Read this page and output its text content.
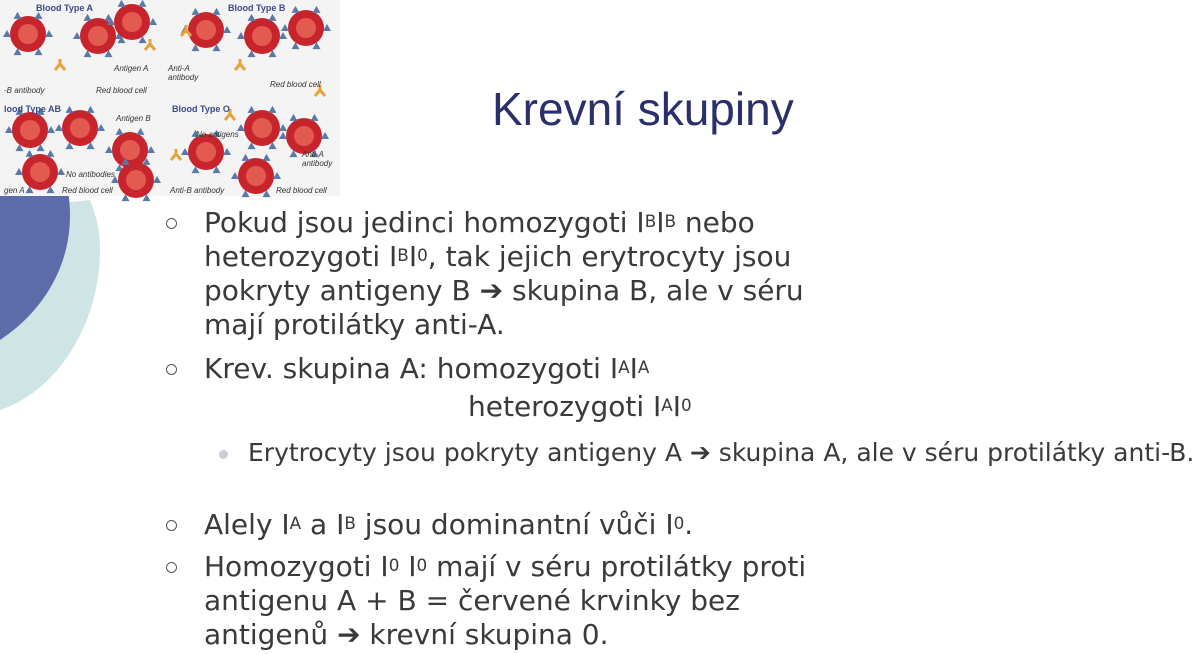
Blood Type A	Blood Type B
lood Type AB	Blood Type O
Antigen A
Red blood cell
-B antibody
Anti-A antibody
Red blood cell
Antigen B
No antibodies
No antigens
Anti-A antibody
Red blood cell
gen A	Anti-B antibody	Red blood cell
Krevní skupiny
Pokud jsou jedinci homozygoti $I^BI^B$ nebo
heterozygoti $I^BI^0$, tak jejich erytrocyty jsou
pokryty antigeny B ➔ skupina B, ale v séru
mají protilátky anti-A.
Krev. skupina A: homozygoti $I^AI^A$
heterozygoti $I^AI^0$
Erytrocyty jsou pokryty antigeny A ➔ skupina A, ale v séru protilátky anti-B.
Alely $I^A$ a $I^B$ jsou dominantní vůči $I^0$.
Homozygoti $I^0$ $I^0$ mají v séru protilátky proti
antigenu A + B = červené krvinky bez
antigenů ➔ krevní skupina 0.
